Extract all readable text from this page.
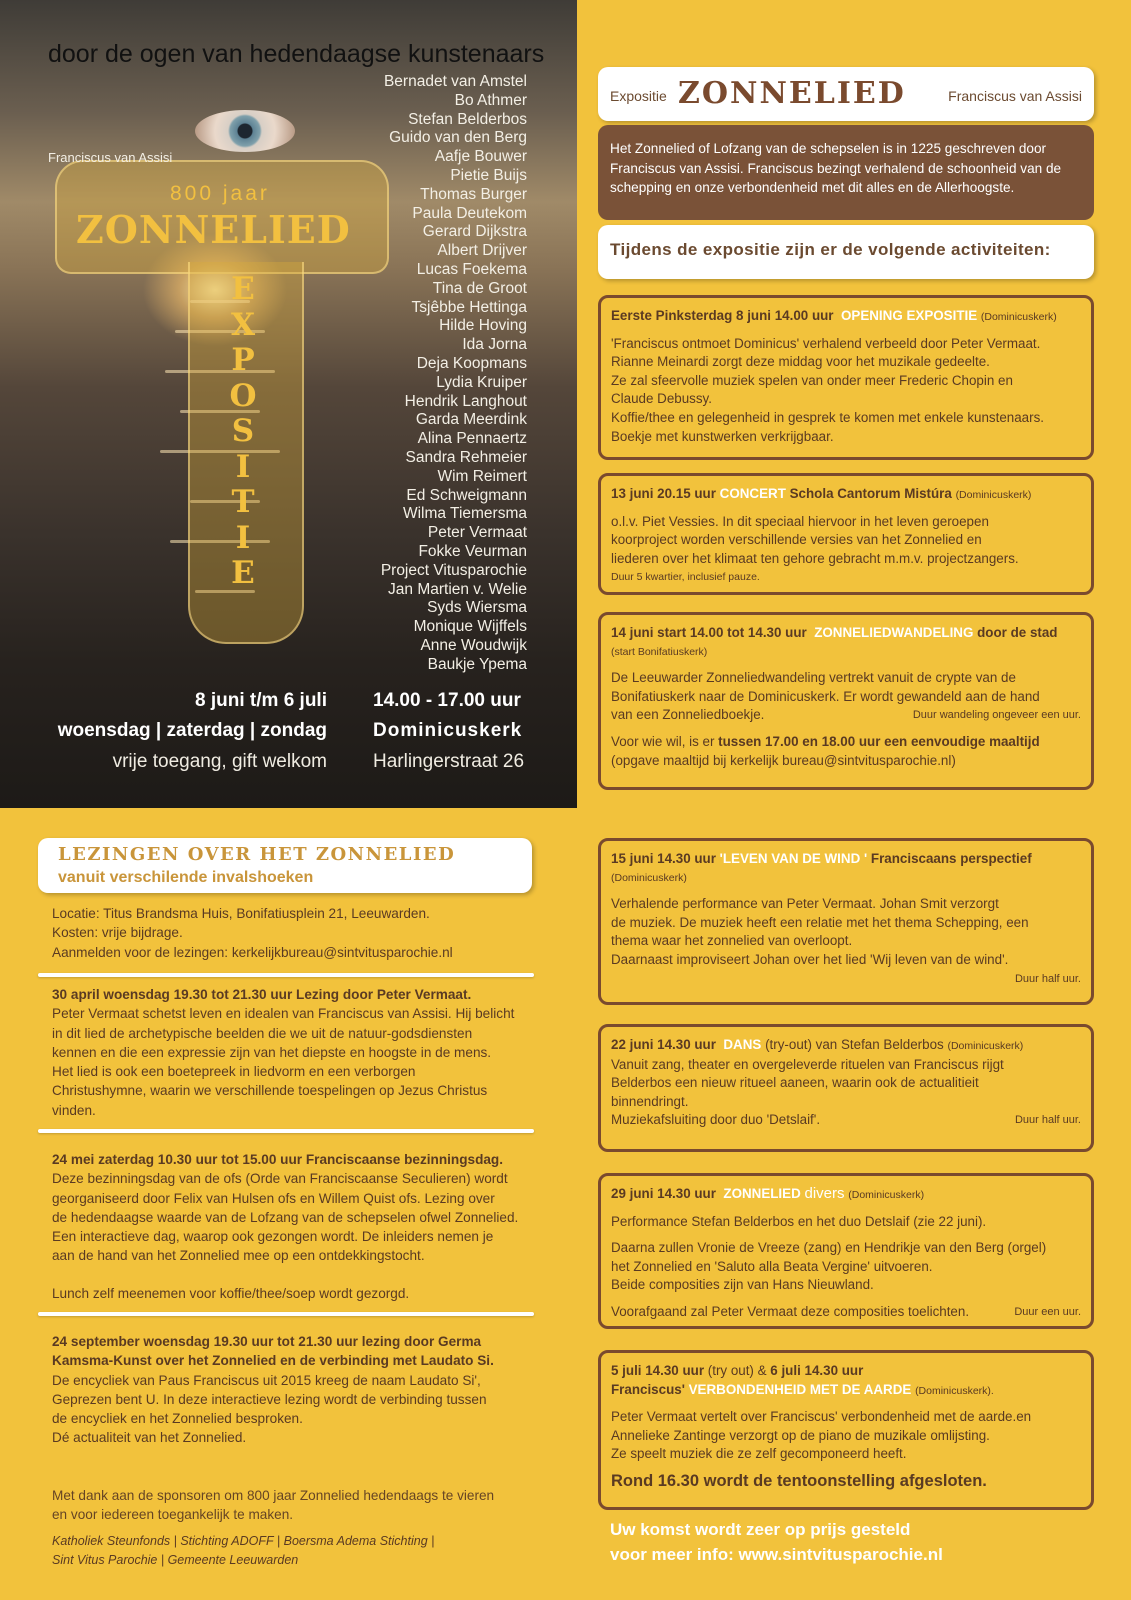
door de ogen van hedendaagse kunstenaars
Franciscus van Assisi
800 jaar
ZONNELIED
E
X
P
O
S
I
T
I
E
Bernadet van Amstel
Bo Athmer
Stefan Belderbos
Guido van den Berg
Aafje Bouwer
Pietie Buijs
Thomas Burger
Paula Deutekom
Gerard Dijkstra
Albert Drijver
Lucas Foekema
Tina de Groot
Tsjêbbe Hettinga
Hilde Hoving
Ida Jorna
Deja Koopmans
Lydia Kruiper
Hendrik Langhout
Garda Meerdink
Alina Pennaertz
Sandra Rehmeier
Wim Reimert
Ed Schweigmann
Wilma Tiemersma
Peter Vermaat
Fokke Veurman
Project Vitusparochie
Jan Martien v. Welie
Syds Wiersma
Monique Wijffels
Anne Woudwijk
Baukje Ypema
8 juni t/m 6 juli
woensdag | zaterdag | zondag
vrije toegang, gift welkom
14.00 - 17.00 uur
Dominicuskerk
Harlingerstraat 26
Expositie ZONNELIED	Franciscus van Assisi
Het Zonnelied of Lofzang van de schepselen is in 1225 geschreven door Franciscus van Assisi. Franciscus bezingt verhalend de schoonheid van de schepping en onze verbondenheid met dit alles en de Allerhoogste.
Tijdens de expositie zijn er de volgende activiteiten:

Eerste Pinksterdag 8 juni 14.00 uur OPENING EXPOSITIE (Dominicuskerk)

'Franciscus ontmoet Dominicus' verhalend verbeeld door Peter Vermaat.

Rianne Meinardi zorgt deze middag voor het muzikale gedeelte.

Ze zal sfeervolle muziek spelen van onder meer Frederic Chopin en

Claude Debussy.

Koffie/thee en gelegenheid in gesprek te komen met enkele kunstenaars.

Boekje met kunstwerken verkrijgbaar.

13 juni 20.15 uur CONCERT Schola Cantorum Mistúra (Dominicuskerk)

o.l.v. Piet Vessies. In dit speciaal hiervoor in het leven geroepen

koorproject worden verschillende versies van het Zonnelied en

liederen over het klimaat ten gehore gebracht m.m.v. projectzangers.

Duur 5 kwartier, inclusief pauze.

14 juni start 14.00 tot 14.30 uur ZONNELIEDWANDELING door de stad

(start Bonifatiuskerk)

De Leeuwarder Zonneliedwandeling vertrekt vanuit de crypte van de

Bonifatiuskerk naar de Dominicuskerk. Er wordt gewandeld aan de hand

van een Zonneliedboekje.	Duur wandeling ongeveer een uur.

Voor wie wil, is er tussen 17.00 en 18.00 uur een eenvoudige maaltijd

(opgave maaltijd bij kerkelijk bureau@sintvitusparochie.nl)

15 juni 14.30 uur 'LEVEN VAN DE WIND ' Franciscaans perspectief

(Dominicuskerk)

Verhalende performance van Peter Vermaat. Johan Smit verzorgt

de muziek. De muziek heeft een relatie met het thema Schepping, een

thema waar het zonnelied van overloopt.

Daarnaast improviseert Johan over het lied 'Wij leven van de wind'.

Duur half uur.

22 juni 14.30 uur DANS (try-out) van Stefan Belderbos (Dominicuskerk)

Vanuit zang, theater en overgeleverde rituelen van Franciscus rijgt

Belderbos een nieuw ritueel aaneen, waarin ook de actualitieit

binnendringt.

Muziekafsluiting door duo 'Detslaif'.	Duur half uur.

29 juni 14.30 uur ZONNELIED divers (Dominicuskerk)

Performance Stefan Belderbos en het duo Detslaif (zie 22 juni).

Daarna zullen Vronie de Vreeze (zang) en Hendrikje van den Berg (orgel)

het Zonnelied en 'Saluto alla Beata Vergine' uitvoeren.

Beide composities zijn van Hans Nieuwland.

Voorafgaand zal Peter Vermaat deze composities toelichten.	Duur een uur.

5 juli 14.30 uur (try out) & 6 juli 14.30 uur

Franciscus' VERBONDENHEID MET DE AARDE (Dominicuskerk).

Peter Vermaat vertelt over Franciscus' verbondenheid met de aarde.en

Annelieke Zantinge verzorgt op de piano de muzikale omlijsting.

Ze speelt muziek die ze zelf gecomponeerd heeft.

Rond 16.30 wordt de tentoonstelling afgesloten.

Uw komst wordt zeer op prijs gesteld
voor meer info: www.sintvitusparochie.nl
LEZINGEN OVER HET ZONNELIED
vanuit verschilende invalshoeken
Locatie: Titus Brandsma Huis, Bonifatiusplein 21, Leeuwarden.
Kosten: vrije bijdrage.
Aanmelden voor de lezingen: kerkelijkbureau@sintvitusparochie.nl
30 april woensdag 19.30 tot 21.30 uur Lezing door Peter Vermaat.
Peter Vermaat schetst leven en idealen van Franciscus van Assisi. Hij belicht
in dit lied de archetypische beelden die we uit de natuur-godsdiensten
kennen en die een expressie zijn van het diepste en hoogste in de mens.
Het lied is ook een boetepreek in liedvorm en een verborgen
Christushymne, waarin we verschillende toespelingen op Jezus Christus
vinden.
24 mei zaterdag 10.30 uur tot 15.00 uur Franciscaanse bezinningsdag.
Deze bezinningsdag van de ofs (Orde van Franciscaanse Seculieren) wordt
georganiseerd door Felix van Hulsen ofs en Willem Quist ofs. Lezing over
de hedendaagse waarde van de Lofzang van de schepselen ofwel Zonnelied.
Een interactieve dag, waarop ook gezongen wordt. De inleiders nemen je
aan de hand van het Zonnelied mee op een ontdekkingstocht.
Lunch zelf meenemen voor koffie/thee/soep wordt gezorgd.
24 september woensdag 19.30 uur tot 21.30 uur lezing door Germa
Kamsma-Kunst over het Zonnelied en de verbinding met Laudato Si.
De encycliek van Paus Franciscus uit 2015 kreeg de naam Laudato Si',
Geprezen bent U. In deze interactieve lezing wordt de verbinding tussen
de encycliek en het Zonnelied besproken.
Dé actualiteit van het Zonnelied.
Met dank aan de sponsoren om 800 jaar Zonnelied hedendaags te vieren
en voor iedereen toegankelijk te maken.
Katholiek Steunfonds | Stichting ADOFF | Boersma Adema Stichting |
Sint Vitus Parochie | Gemeente Leeuwarden
